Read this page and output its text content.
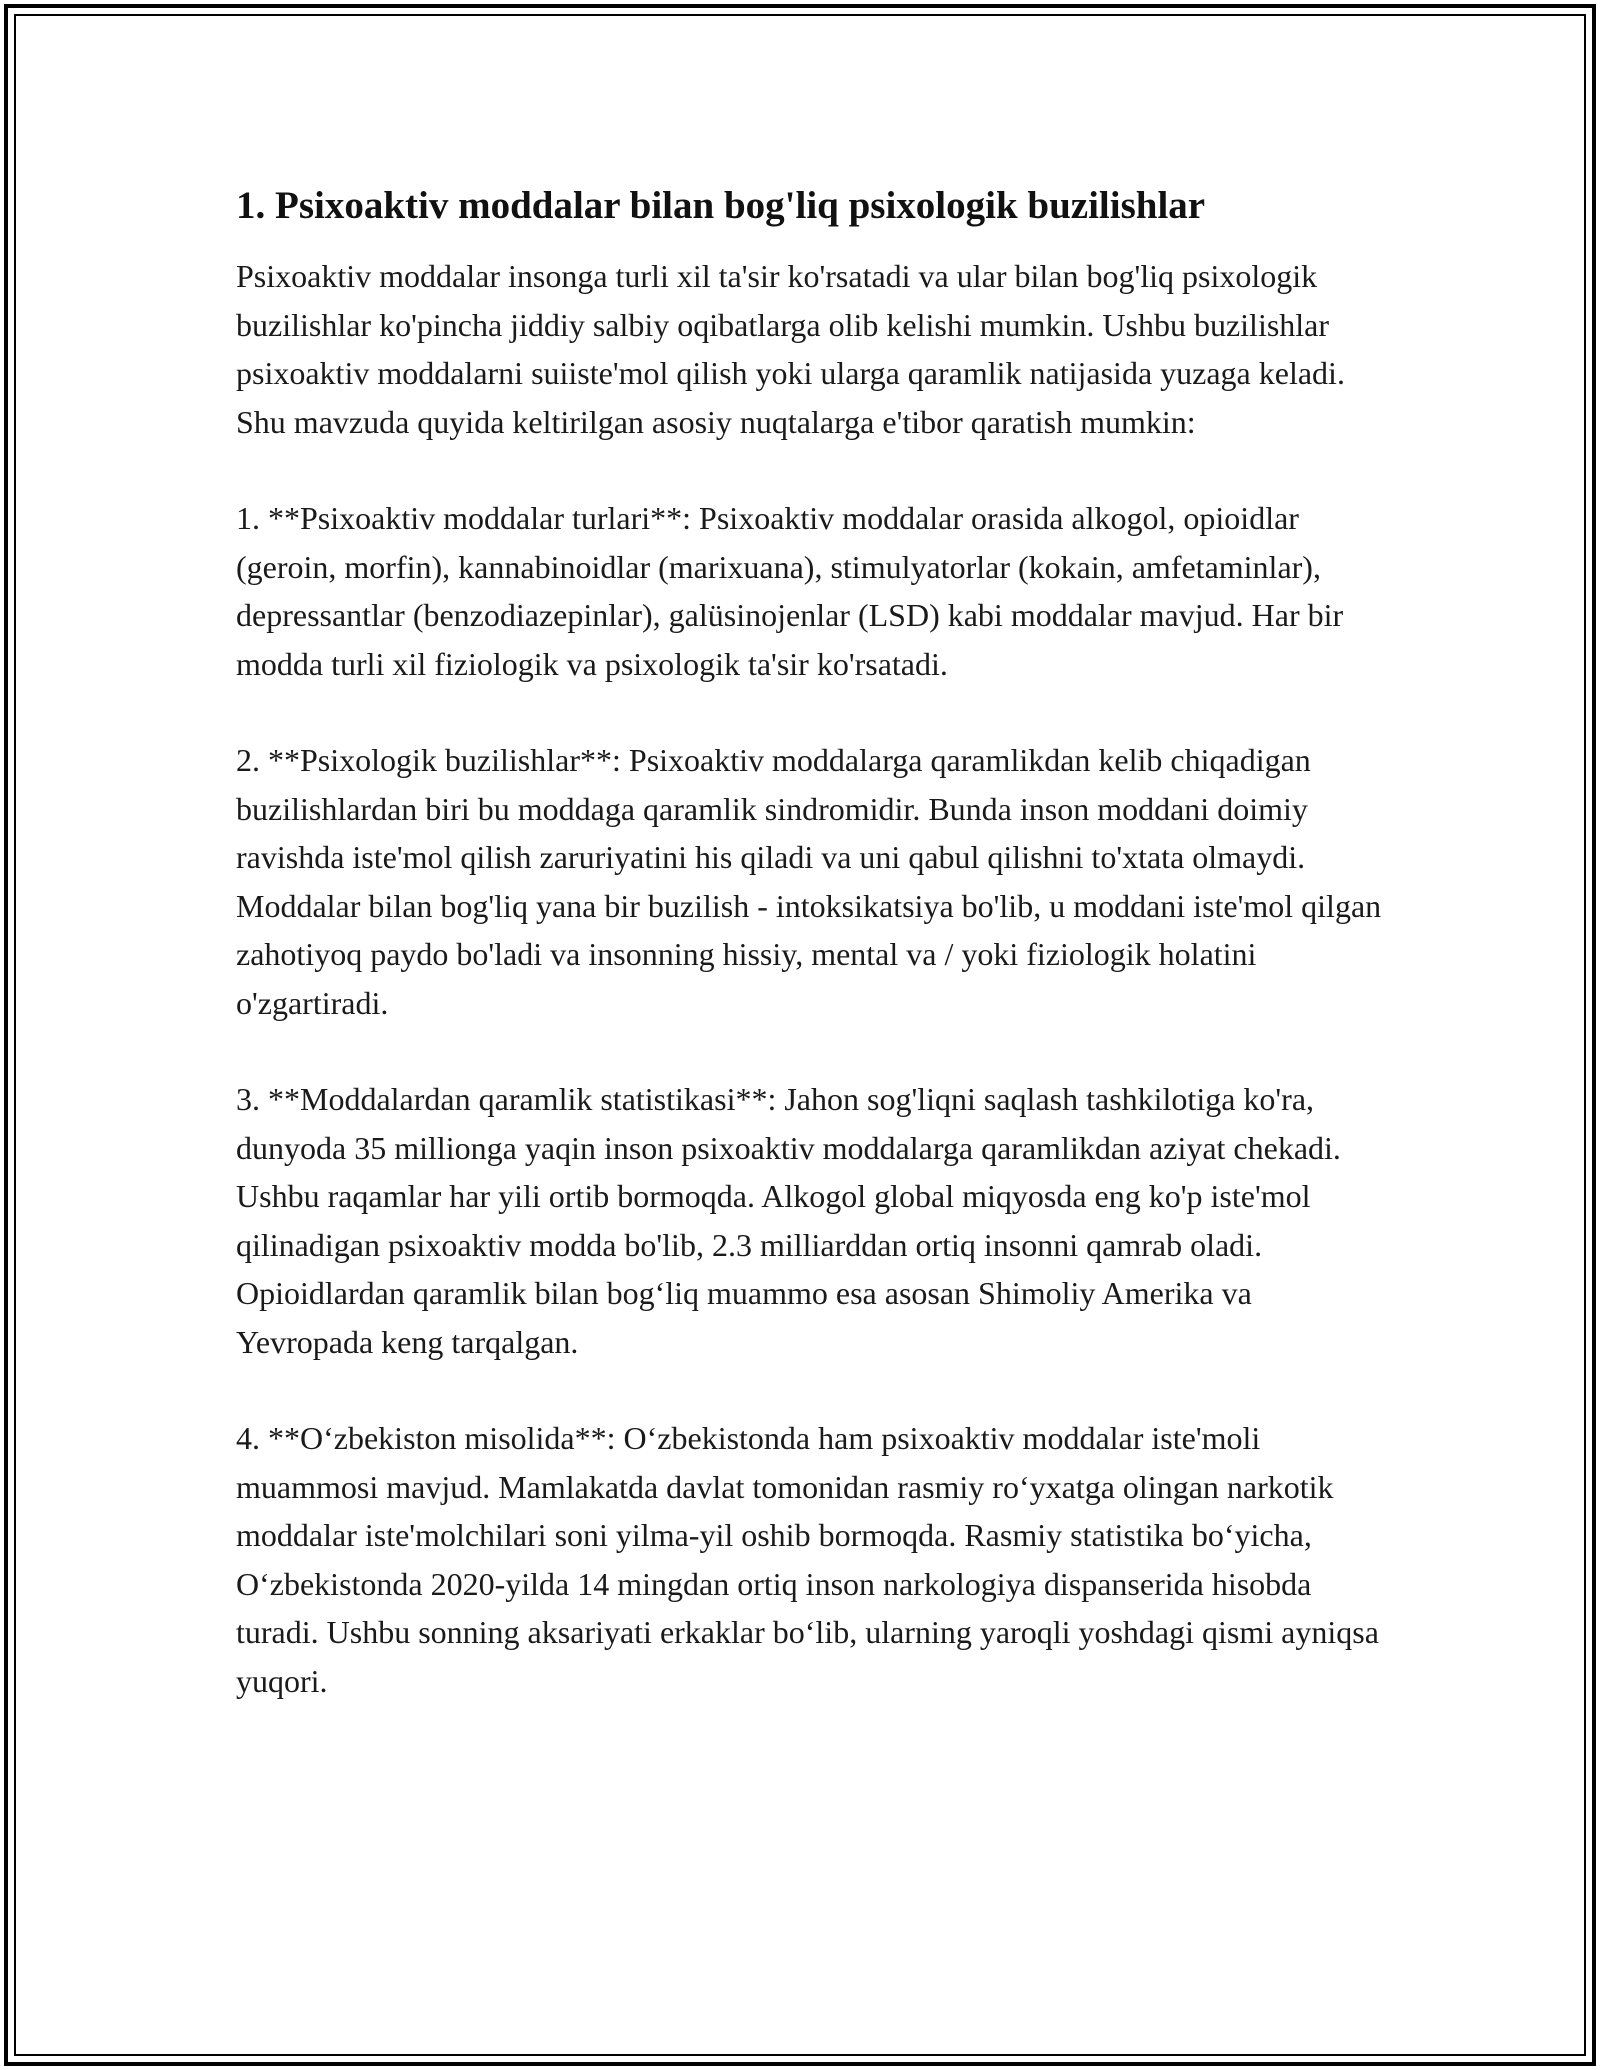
1. Psixoaktiv moddalar bilan bog'liq psixologik buzilishlar

Psixoaktiv moddalar insonga turli xil ta'sir ko'rsatadi va ular bilan bog'liq psixologik buzilishlar ko'pincha jiddiy salbiy oqibatlarga olib kelishi mumkin. Ushbu buzilishlar psixoaktiv moddalarni suiiste'mol qilish yoki ularga qaramlik natijasida yuzaga keladi. Shu mavzuda quyida keltirilgan asosiy nuqtalarga e'tibor qaratish mumkin:

1. **Psixoaktiv moddalar turlari**: Psixoaktiv moddalar orasida alkogol, opioidlar (geroin, morfin), kannabinoidlar (marixuana), stimulyatorlar (kokain, amfetaminlar), depressantlar (benzodiazepinlar), galüsinojenlar (LSD) kabi moddalar mavjud. Har bir modda turli xil fiziologik va psixologik ta'sir ko'rsatadi.

2. **Psixologik buzilishlar**: Psixoaktiv moddalarga qaramlikdan kelib chiqadigan buzilishlardan biri bu moddaga qaramlik sindromidir. Bunda inson moddani doimiy ravishda iste'mol qilish zaruriyatini his qiladi va uni qabul qilishni to'xtata olmaydi. Moddalar bilan bog'liq yana bir buzilish - intoksikatsiya bo'lib, u moddani iste'mol qilgan zahotiyoq paydo bo'ladi va insonning hissiy, mental va / yoki fiziologik holatini o'zgartiradi.

3. **Moddalardan qaramlik statistikasi**: Jahon sog'liqni saqlash tashkilotiga ko'ra, dunyoda 35 millionga yaqin inson psixoaktiv moddalarga qaramlikdan aziyat chekadi. Ushbu raqamlar har yili ortib bormoqda. Alkogol global miqyosda eng ko'p iste'mol qilinadigan psixoaktiv modda bo'lib, 2.3 milliarddan ortiq insonni qamrab oladi. Opioidlardan qaramlik bilan bog‘liq muammo esa asosan Shimoliy Amerika va Yevropada keng tarqalgan.

4. **O‘zbekiston misolida**: O‘zbekistonda ham psixoaktiv moddalar iste'moli muammosi mavjud. Mamlakatda davlat tomonidan rasmiy ro‘yxatga olingan narkotik moddalar iste'molchilari soni yilma-yil oshib bormoqda. Rasmiy statistika bo‘yicha, O‘zbekistonda 2020-yilda 14 mingdan ortiq inson narkologiya dispanserida hisobda turadi. Ushbu sonning aksariyati erkaklar bo‘lib, ularning yaroqli yoshdagi qismi ayniqsa yuqori.
